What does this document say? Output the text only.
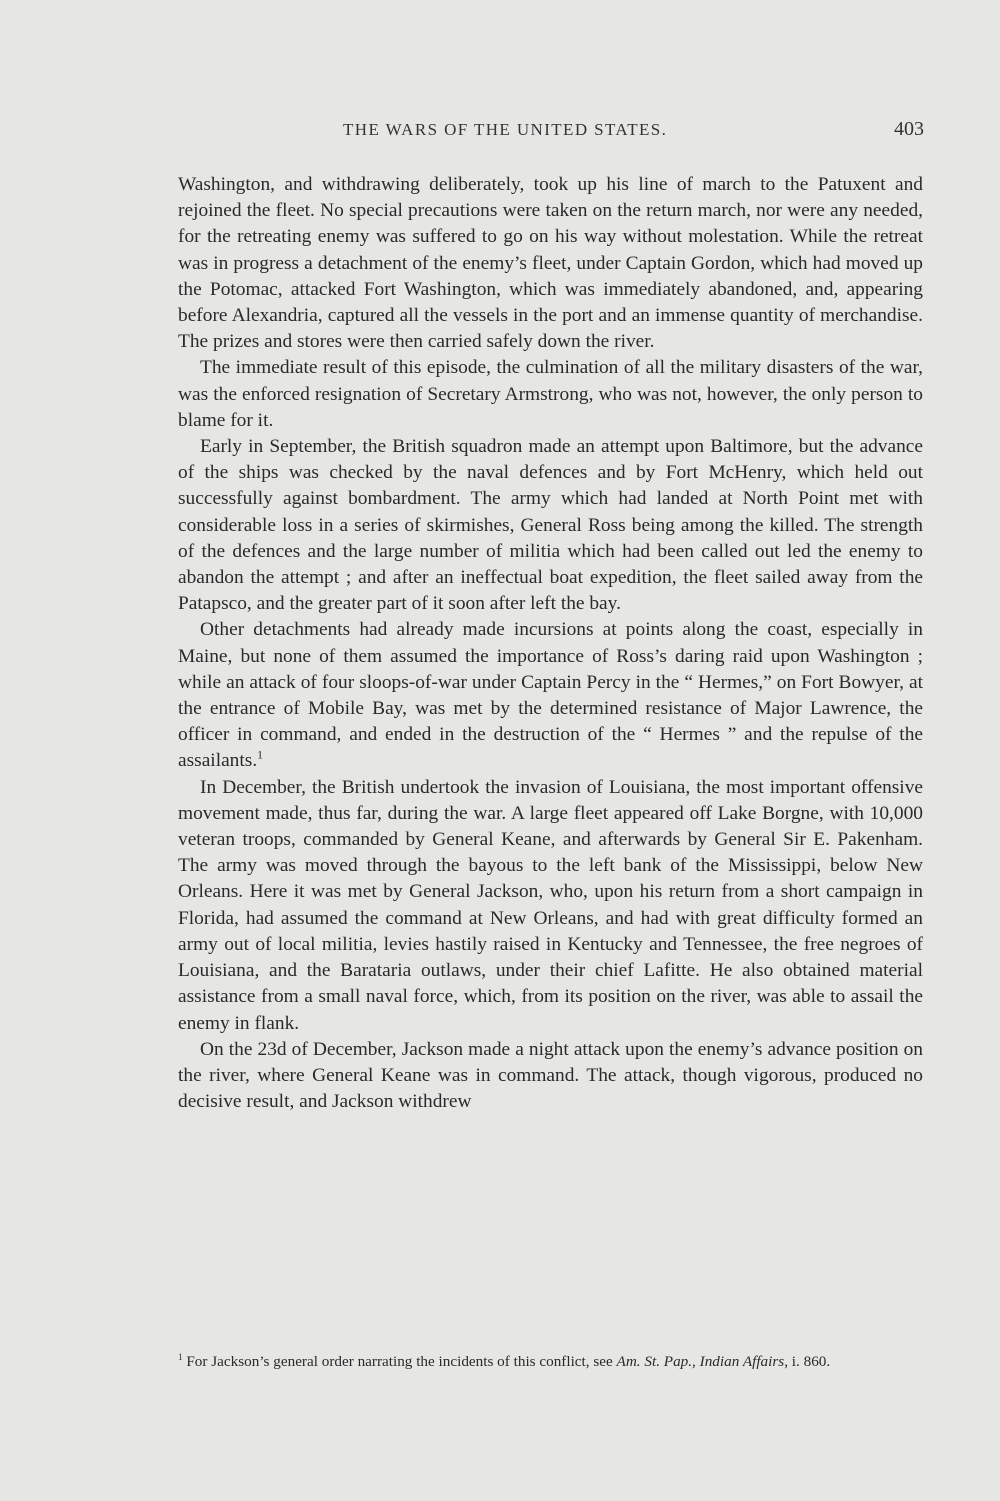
THE WARS OF THE UNITED STATES.	403

Washington, and withdrawing deliberately, took up his line of march to the Patuxent and rejoined the fleet. No special precautions were taken on the return march, nor were any needed, for the retreating enemy was suffered to go on his way without molestation. While the retreat was in progress a detachment of the enemy’s fleet, under Captain Gordon, which had moved up the Potomac, attacked Fort Washington, which was immediately abandoned, and, appearing before Alexandria, captured all the vessels in the port and an immense quantity of merchandise. The prizes and stores were then carried safely down the river.

The immediate result of this episode, the culmination of all the military disasters of the war, was the enforced resignation of Secretary Armstrong, who was not, however, the only person to blame for it.

Early in September, the British squadron made an attempt upon Baltimore, but the advance of the ships was checked by the naval defences and by Fort McHenry, which held out successfully against bombardment. The army which had landed at North Point met with considerable loss in a series of skirmishes, General Ross being among the killed. The strength of the defences and the large number of militia which had been called out led the enemy to abandon the attempt ; and after an ineffectual boat expedition, the fleet sailed away from the Patapsco, and the greater part of it soon after left the bay.

Other detachments had already made incursions at points along the coast, especially in Maine, but none of them assumed the importance of Ross’s daring raid upon Washington ; while an attack of four sloops-of-war under Captain Percy in the “ Hermes,” on Fort Bowyer, at the entrance of Mobile Bay, was met by the determined resistance of Major Lawrence, the officer in command, and ended in the destruction of the “ Hermes ” and the repulse of the assailants.$^1$

In December, the British undertook the invasion of Louisiana, the most important offensive movement made, thus far, during the war. A large fleet appeared off Lake Borgne, with 10,000 veteran troops, commanded by General Keane, and afterwards by General Sir E. Pakenham. The army was moved through the bayous to the left bank of the Mississippi, below New Orleans. Here it was met by General Jackson, who, upon his return from a short campaign in Florida, had assumed the command at New Orleans, and had with great difficulty formed an army out of local militia, levies hastily raised in Kentucky and Tennessee, the free negroes of Louisiana, and the Barataria outlaws, under their chief Lafitte. He also obtained material assistance from a small naval force, which, from its position on the river, was able to assail the enemy in flank.

On the 23d of December, Jackson made a night attack upon the enemy’s advance position on the river, where General Keane was in command. The attack, though vigorous, produced no decisive result, and Jackson withdrew

$^1$ For Jackson’s general order narrating the incidents of this conflict, see Am. St. Pap., Indian Affairs, i. 860.
